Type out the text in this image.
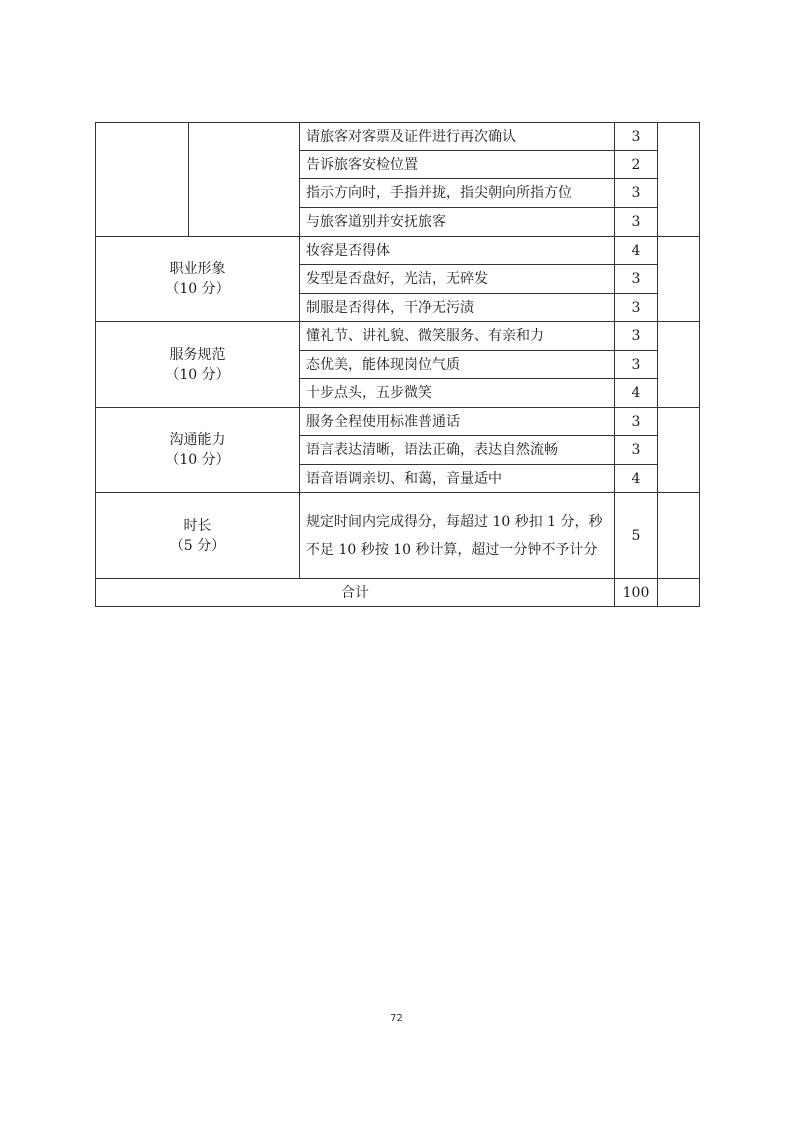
		请旅客对客票及证件进行再次确认	3	
		告诉旅客安检位置	2	
		指示方向时，手指并拢，指尖朝向所指方位	3	
		与旅客道别并安抚旅客	3	

职业形象
（10 分）		妆容是否得体	4	
		发型是否盘好，光洁，无碎发	3	
		制服是否得体，干净无污渍	3	

服务规范
（10 分）		懂礼节、讲礼貌、微笑服务、有亲和力	3	
		态优美，能体现岗位气质	3	
		十步点头，五步微笑	4	

沟通能力
（10 分）		服务全程使用标准普通话	3	
		语言表达清晰，语法正确，表达自然流畅	3	
		语音语调亲切、和蔼，音量适中	4	

时长
（5 分）		规定时间内完成得分，每超过 10 秒扣 1 分，秒不足 10 秒按 10 秒计算，超过一分钟不予计分	5	
合计			100	
72
